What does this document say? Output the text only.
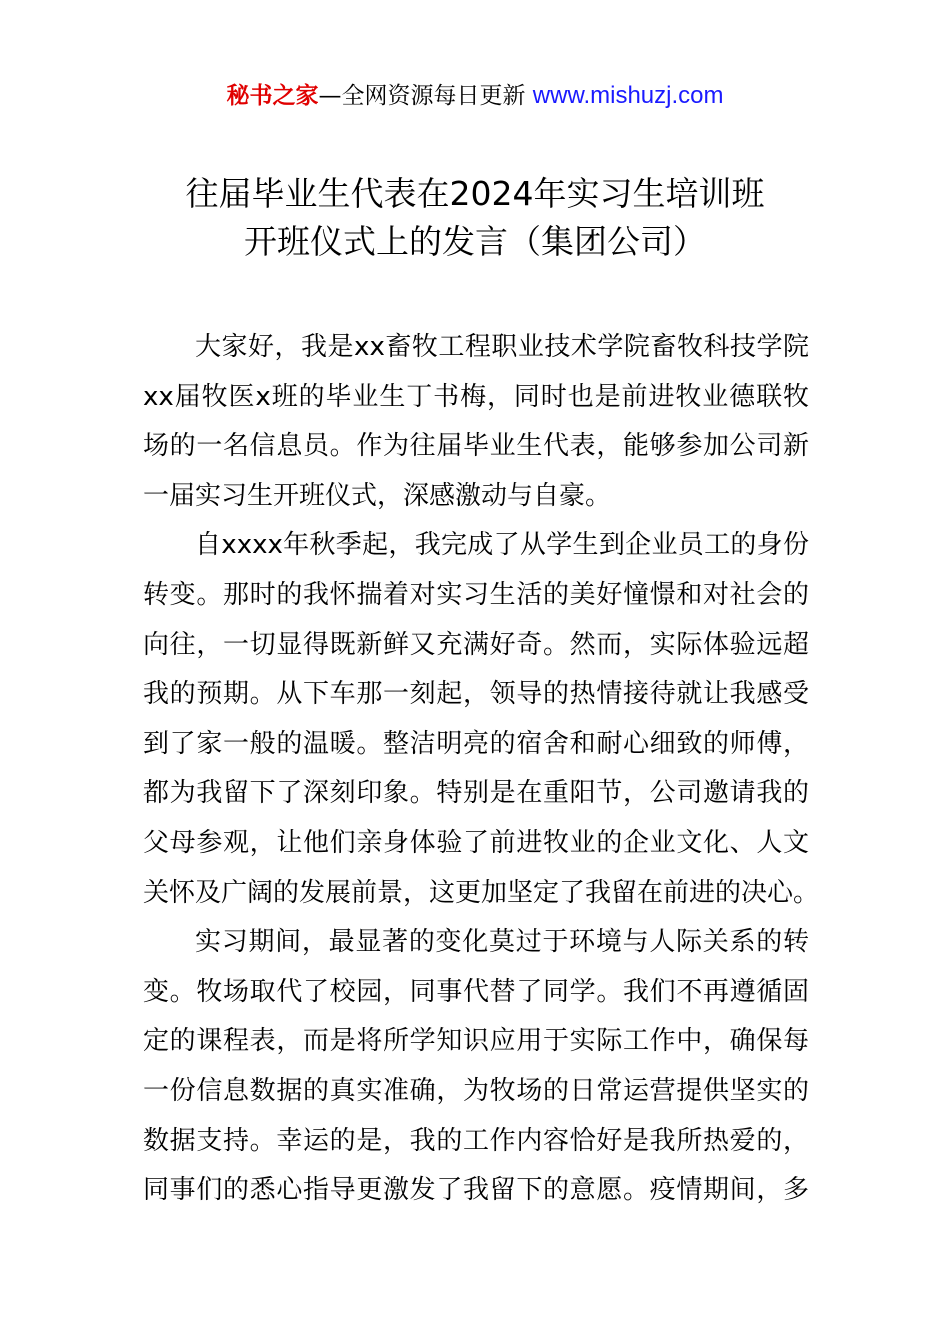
秘书之家—全网资源每日更新 www.mishuzj.com
往届毕业生代表在2024年实习生培训班
开班仪式上的发言（集团公司）
大家好，我是xx畜牧工程职业技术学院畜牧科技学院
xx届牧医x班的毕业生丁书梅，同时也是前进牧业德联牧
场的一名信息员。作为往届毕业生代表，能够参加公司新
一届实习生开班仪式，深感激动与自豪。
自xxxx年秋季起，我完成了从学生到企业员工的身份
转变。那时的我怀揣着对实习生活的美好憧憬和对社会的
向往，一切显得既新鲜又充满好奇。然而，实际体验远超
我的预期。从下车那一刻起，领导的热情接待就让我感受
到了家一般的温暖。整洁明亮的宿舍和耐心细致的师傅，
都为我留下了深刻印象。特别是在重阳节，公司邀请我的
父母参观，让他们亲身体验了前进牧业的企业文化、人文
关怀及广阔的发展前景，这更加坚定了我留在前进的决心。
实习期间，最显著的变化莫过于环境与人际关系的转
变。牧场取代了校园，同事代替了同学。我们不再遵循固
定的课程表，而是将所学知识应用于实际工作中，确保每
一份信息数据的真实准确，为牧场的日常运营提供坚实的
数据支持。幸运的是，我的工作内容恰好是我所热爱的，
同事们的悉心指导更激发了我留下的意愿。疫情期间，多
